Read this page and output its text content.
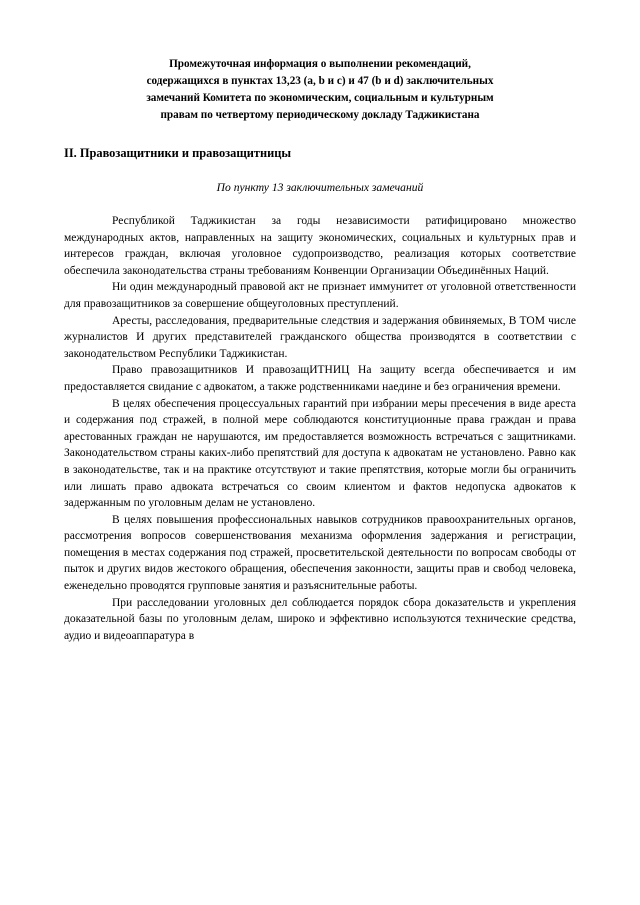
Промежуточная информация о выполнении рекомендаций,
содержащихся в пунктах 13,23 (a, b и c) и 47 (b и d) заключительных
замечаний Комитета по экономическим, социальным и культурным
правам по четвертому периодическому докладу Таджикистана
II. Правозащитники и правозащитницы
По пункту 13 заключительных замечаний

Республикой Таджикистан за годы независимости ратифицировано множество международных актов, направленных на защиту экономических, социальных и культурных прав и интересов граждан, включая уголовное судопроизводство, реализация которых соответствие обеспечила законодательства страны требованиям Конвенции Организации Объединённых Наций.

Ни один международный правовой акт не признает иммунитет от уголовной ответственности для правозащитников за совершение общеуголовных преступлений.

Аресты, расследования, предварительные следствия и задержания обвиняемых, В ТОМ числе журналистов И других представителей гражданского общества производятся в соответствии с законодательством Республики Таджикистан.

Право правозащитников И правозащИТНИЦ На защиту всегда обеспечивается и им предоставляется свидание с адвокатом, а также родственниками наедине и без ограничения времени.

В целях обеспечения процессуальных гарантий при избрании меры пресечения в виде ареста и содержания под стражей, в полной мере соблюдаются конституционные права граждан и права арестованных граждан не нарушаются, им предоставляется возможность встречаться с защитниками. Законодательством страны каких-либо препятствий для доступа к адвокатам не установлено. Равно как в законодательстве, так и на практике отсутствуют и такие препятствия, которые могли бы ограничить или лишать право адвоката встречаться со своим клиентом и фактов недопуска адвокатов к задержанным по уголовным делам не установлено.

В целях повышения профессиональных навыков сотрудников правоохранительных органов, рассмотрения вопросов совершенствования механизма оформления задержания и регистрации, помещения в местах содержания под стражей, просветительской деятельности по вопросам свободы от пыток и других видов жестокого обращения, обеспечения законности, защиты прав и свобод человека, еженедельно проводятся групповые занятия и разъяснительные работы.

При расследовании уголовных дел соблюдается порядок сбора доказательств и укрепления доказательной базы по уголовным делам, широко и эффективно используются технические средства, аудио и видеоаппаратура в
